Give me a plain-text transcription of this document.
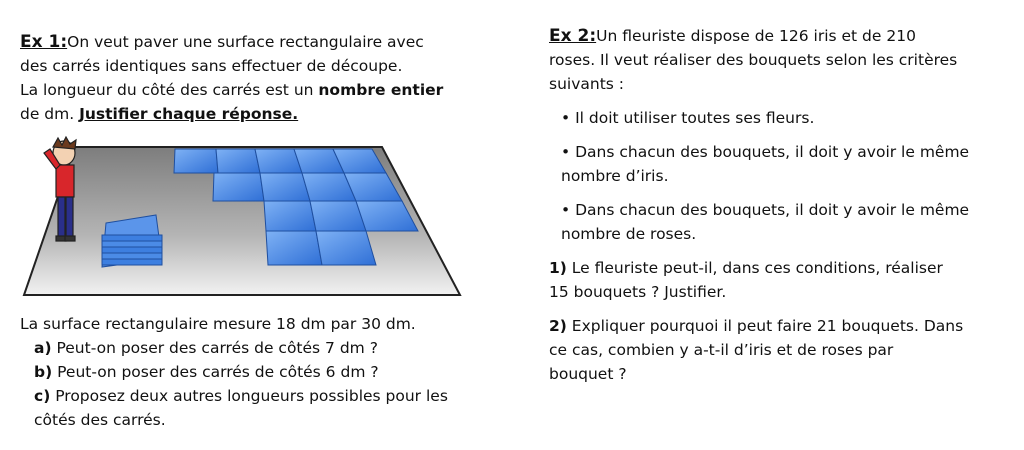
Ex 1:On veut paver une surface rectangulaire avec

des carrés identiques sans effectuer de découpe.

La longueur du côté des carrés est un nombre entier

de dm. Justifier chaque réponse.

La surface rectangulaire mesure 18 dm par 30 dm.

a) Peut-on poser des carrés de côtés 7 dm ?

b) Peut-on poser des carrés de côtés 6 dm ?

c) Proposez deux autres longueurs possibles pour les

côtés des carrés.

Ex 2:Un fleuriste dispose de 126 iris et de 210

roses. Il veut réaliser des bouquets selon les critères

suivants :

• Il doit utiliser toutes ses fleurs.

• Dans chacun des bouquets, il doit y avoir le même

nombre d’iris.

• Dans chacun des bouquets, il doit y avoir le même

nombre de roses.

1) Le fleuriste peut-il, dans ces conditions, réaliser

15 bouquets ? Justifier.

2) Expliquer pourquoi il peut faire 21 bouquets. Dans

ce cas, combien y a-t-il d’iris et de roses par

bouquet ?
